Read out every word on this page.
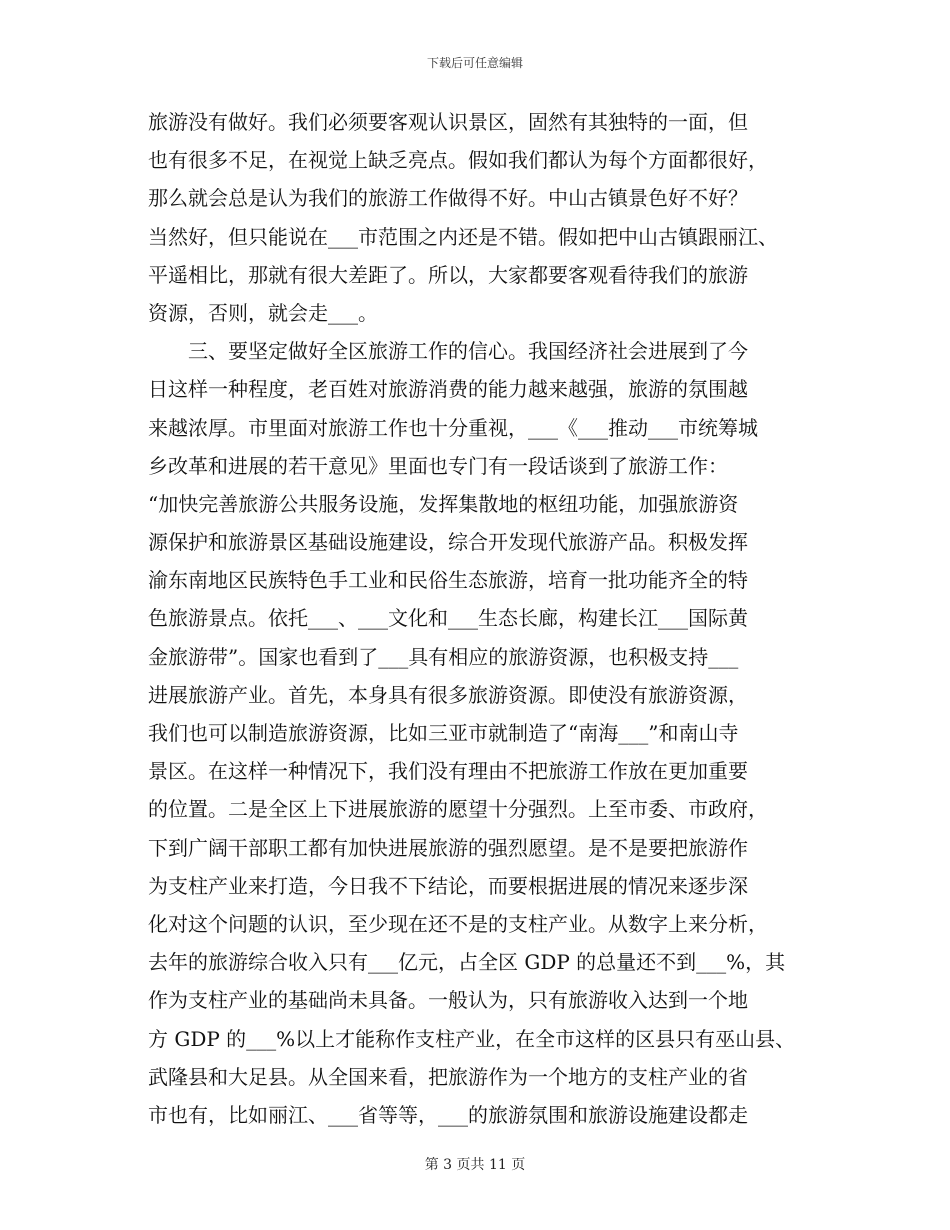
下载后可任意编辑
旅游没有做好。我们必须要客观认识景区，固然有其独特的一面，但
也有很多不足，在视觉上缺乏亮点。假如我们都认为每个方面都很好，
那么就会总是认为我们的旅游工作做得不好。中山古镇景色好不好？
当然好，但只能说在___市范围之内还是不错。假如把中山古镇跟丽江、
平遥相比，那就有很大差距了。所以，大家都要客观看待我们的旅游
资源，否则，就会走___。
　　三、要坚定做好全区旅游工作的信心。我国经济社会进展到了今
日这样一种程度，老百姓对旅游消费的能力越来越强，旅游的氛围越
来越浓厚。市里面对旅游工作也十分重视，___《___推动___市统筹城
乡改革和进展的若干意见》里面也专门有一段话谈到了旅游工作：
“加快完善旅游公共服务设施，发挥集散地的枢纽功能，加强旅游资
源保护和旅游景区基础设施建设，综合开发现代旅游产品。积极发挥
渝东南地区民族特色手工业和民俗生态旅游，培育一批功能齐全的特
色旅游景点。依托___、___文化和___生态长廊，构建长江___国际黄
金旅游带”。国家也看到了___具有相应的旅游资源，也积极支持___
进展旅游产业。首先，本身具有很多旅游资源。即使没有旅游资源，
我们也可以制造旅游资源，比如三亚市就制造了“南海___”和南山寺
景区。在这样一种情况下，我们没有理由不把旅游工作放在更加重要
的位置。二是全区上下进展旅游的愿望十分强烈。上至市委、市政府，
下到广阔干部职工都有加快进展旅游的强烈愿望。是不是要把旅游作
为支柱产业来打造，今日我不下结论，而要根据进展的情况来逐步深
化对这个问题的认识，至少现在还不是的支柱产业。从数字上来分析，
去年的旅游综合收入只有___亿元，占全区 GDP 的总量还不到___%，其
作为支柱产业的基础尚未具备。一般认为，只有旅游收入达到一个地
方 GDP 的___%以上才能称作支柱产业，在全市这样的区县只有巫山县、
武隆县和大足县。从全国来看，把旅游作为一个地方的支柱产业的省
市也有，比如丽江、___省等等，___的旅游氛围和旅游设施建设都走
第 3 页共 11 页
